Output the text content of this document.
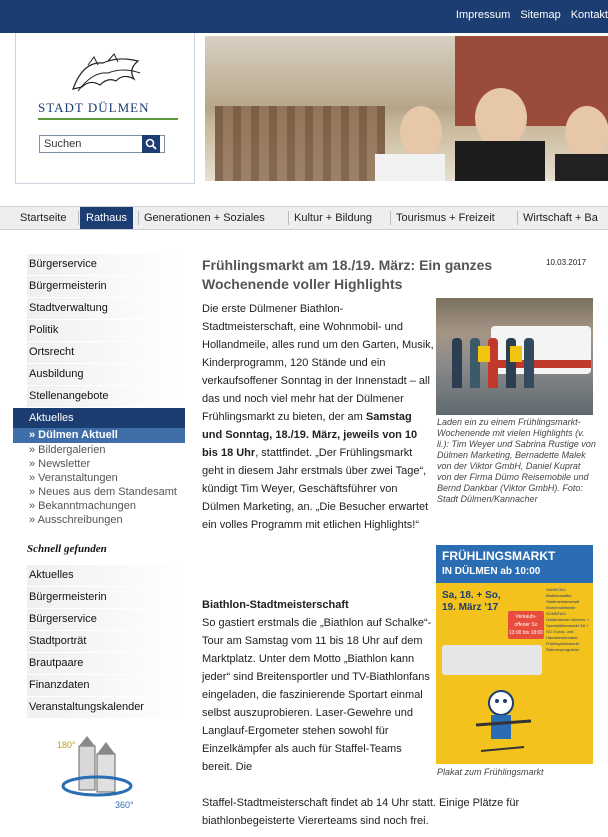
Impressum Sitemap Kontakt
STADT DÜLMEN
Suchen
Startseite	Rathaus	Generationen + Soziales	Kultur + Bildung	Tourismus + Freizeit	Wirtschaft + Ba
Bürgerservice
Bürgermeisterin
Stadtverwaltung
Politik
Ortsrecht
Ausbildung
Stellenangebote
Aktuelles
» Dülmen Aktuell
» Bildergalerien
» Newsletter
» Veranstaltungen
» Neues aus dem Standesamt
» Bekanntmachungen
» Ausschreibungen
Schnell gefunden
Aktuelles
Bürgermeisterin
Bürgerservice
Stadtporträt
Brautpaare
Finanzdaten
Veranstaltungskalender
180°
360°
10.03.2017
Frühlingsmarkt am 18./19. März: Ein ganzes Wochenende voller Highlights
Die erste Dülmener Biathlon-Stadtmeisterschaft, eine Wohnmobil- und Hollandmeile, alles rund um den Garten, Musik, Kinderprogramm, 120 Stände und ein verkaufsoffener Sonntag in der Innenstadt – all das und noch viel mehr hat der Dülmener Frühlingsmarkt zu bieten, der am Samstag und Sonntag, 18./19. März, jeweils von 10 bis 18 Uhr, stattfindet. „Der Frühlingsmarkt geht in diesem Jahr erstmals über zwei Tage“, kündigt Tim Weyer, Geschäftsführer von Dülmen Marketing, an. „Die Besucher erwartet ein volles Programm mit etlichen Highlights!“
Biathlon-Stadtmeisterschaft
So gastiert erstmals die „Biathlon auf Schalke“-Tour am Samstag vom 11 bis 18 Uhr auf dem Marktplatz. Unter dem Motto „Biathlon kann jeder“ sind Breitensportler und TV-Biathlonfans eingeladen, die faszinierende Sportart einmal selbst auszuprobieren. Laser-Gewehre und Langlauf-Ergometer stehen sowohl für Einzelkämpfer als auch für Staffel-Teams bereit. Die
Staffel-Stadtmeisterschaft findet ab 14 Uhr statt. Einige Plätze für biathlonbegeisterte Viererteams sind noch frei.
Laden ein zu einem Frühlingsmarkt-Wochenende mit vielen Highlights (v. li.): Tim Weyer und Sabrina Rustige von Dülmen Marketing, Bernadette Malek von der Viktor GmbH, Daniel Kuprat von der Firma Dümo Reisemobile und Bernd Dankbar (Viktor GmbH). Foto: Stadt Dülmen/Kannacher
FRÜHLINGSMARKT
IN DÜLMEN ab 10:00
Sa, 18. + So, 19. März ’17
Verkaufs-offener So 13:00 bis 18:00
SAMSTAG: Biathlonstaffel-Stadtmeisterschaft Wohnmobilmeile SONNTAG: Holländischer Blumen- + Spezialitätenmarkt SA + SO: Kunst- und Handwerkermarkt Frühlingsflohmarkt Rahmenprogramm
Plakat zum Frühlingsmarkt
